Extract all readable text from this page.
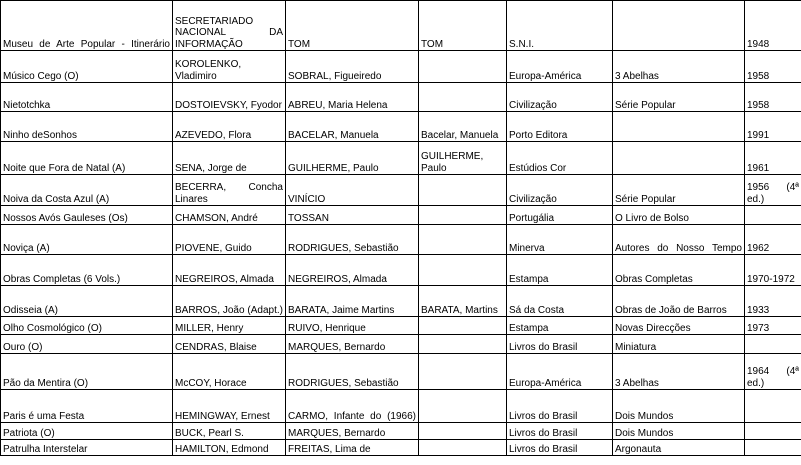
Museu de Arte Popular - Itinerário	SECRETARIADO NACIONAL DA INFORMAÇÃO	TOM	TOM	S.N.I.		1948
Músico Cego (O)	KOROLENKO, Vladimiro	SOBRAL, Figueiredo		Europa-América	3 Abelhas	1958
Nietotchka	DOSTOIEVSKY, Fyodor	ABREU, Maria Helena		Civilização	Série Popular	1958
Ninho deSonhos	AZEVEDO, Flora	BACELAR, Manuela	Bacelar, Manuela	Porto Editora		1991
Noite que Fora de Natal (A)	SENA, Jorge de	GUILHERME, Paulo	GUILHERME, Paulo	Estúdios Cor		1961
Noiva da Costa Azul (A)	BECERRA, Concha Linares	VINÍCIO		Civilização	Série Popular	1956 (4ª ed.)
Nossos Avós Gauleses (Os)	CHAMSON, André	TOSSAN		Portugália	O Livro de Bolso	
Noviça (A)	PIOVENE, Guido	RODRIGUES, Sebastião		Minerva	Autores do Nosso Tempo	1962
Obras Completas (6 Vols.)	NEGREIROS, Almada	NEGREIROS, Almada		Estampa	Obras Completas	1970-1972
Odisseia (A)	BARROS, João (Adapt.)	BARATA, Jaime Martins	BARATA, Martins	Sá da Costa	Obras de João de Barros	1933
Olho Cosmológico (O)	MILLER, Henry	RUIVO, Henrique		Estampa	Novas Direcções	1973
Ouro (O)	CENDRAS, Blaise	MARQUES, Bernardo		Livros do Brasil	Miniatura	
Pão da Mentira (O)	McCOY, Horace	RODRIGUES, Sebastião		Europa-América	3 Abelhas	1964 (4ª ed.)
Paris é uma Festa	HEMINGWAY, Ernest	CARMO, Infante do (1966)		Livros do Brasil	Dois Mundos	
Patriota (O)	BUCK, Pearl S.	MARQUES, Bernardo		Livros do Brasil	Dois Mundos	
Patrulha Interstelar	HAMILTON, Edmond	FREITAS, Lima de		Livros do Brasil	Argonauta	
